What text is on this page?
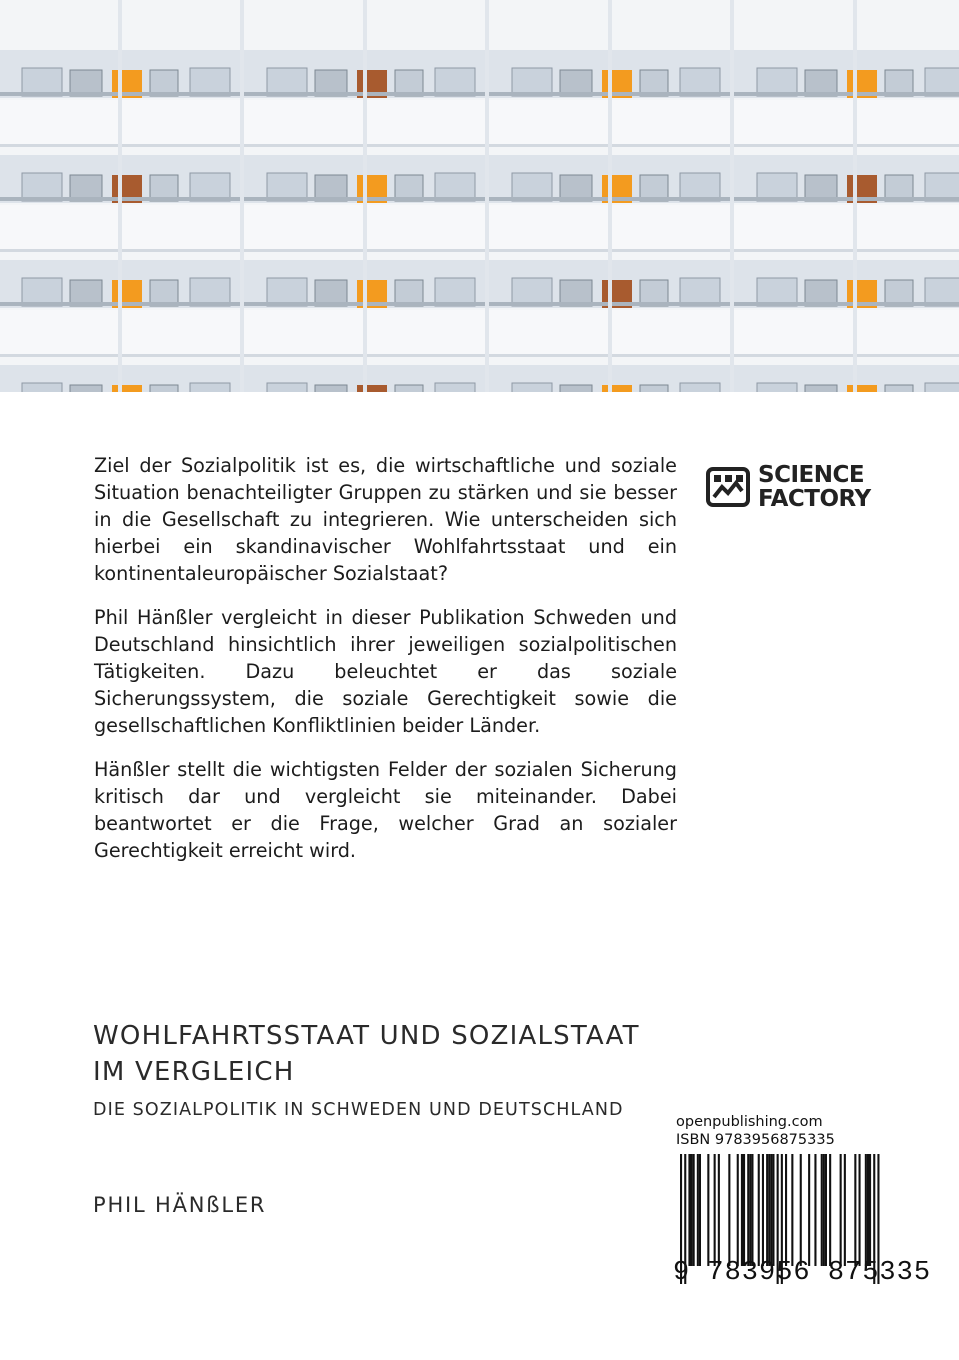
Ziel der Sozialpolitik ist es, die wirtschaftliche und soziale Situation benachteiligter Gruppen zu stärken und sie besser in die Gesellschaft zu integrieren. Wie unterscheiden sich hierbei ein skandinavischer Wohlfahrtsstaat und ein kontinentaleuropäischer Sozialstaat?

Phil Hänßler vergleicht in dieser Publikation Schweden und Deutschland hinsichtlich ihrer jeweiligen sozialpolitischen Tätigkeiten. Dazu beleuchtet er das soziale Sicherungssystem, die soziale Gerechtigkeit sowie die gesellschaftlichen Konfliktlinien beider Länder.

Hänßler stellt die wichtigsten Felder der sozialen Sicherung kritisch dar und vergleicht sie miteinander. Dabei beantwortet er die Frage, welcher Grad an sozialer Gerechtigkeit erreicht wird.

SCIENCE
FACTORY
WOHLFAHRTSSTAAT UND SOZIALSTAAT
IM VERGLEICH
DIE SOZIALPOLITIK IN SCHWEDEN UND DEUTSCHLAND
PHIL HÄNßLER
openpublishing.com
ISBN 9783956875335
9 783956 875335
